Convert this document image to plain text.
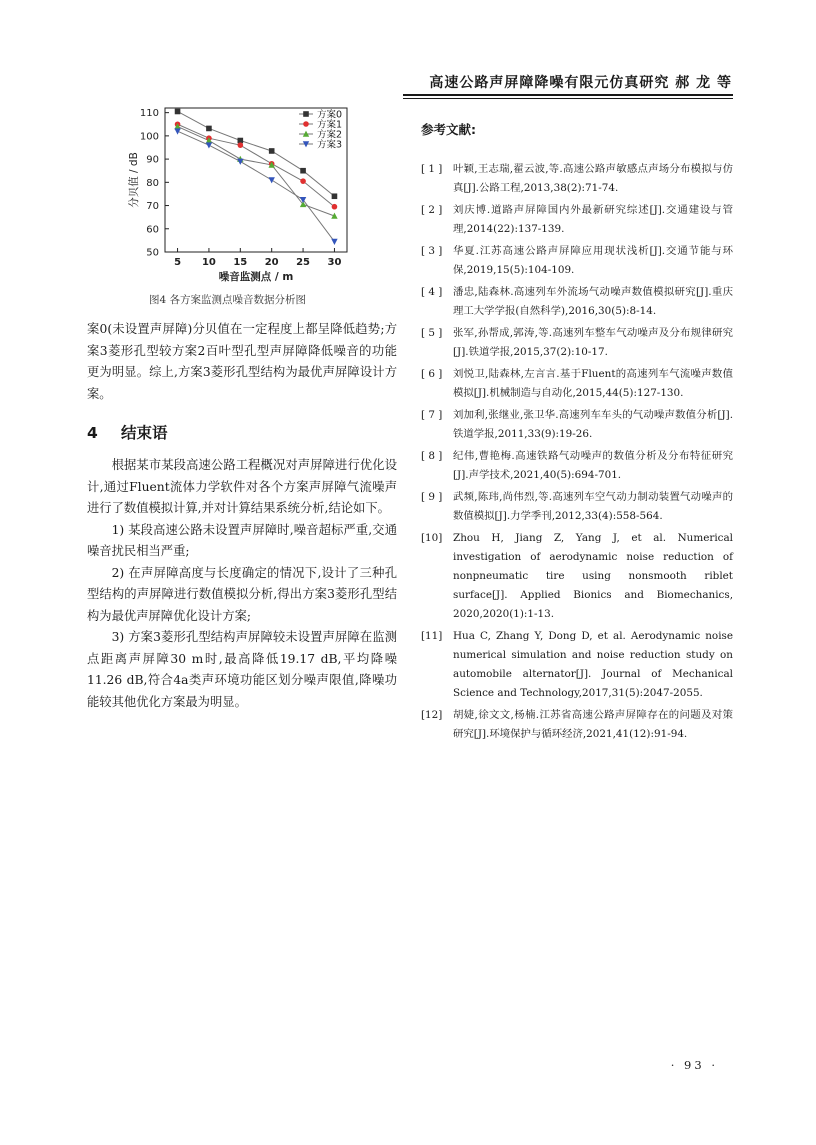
高速公路声屏障降噪有限元仿真研究 郝 龙 等
50
60
70
80
90
100
110
5 10 15 20 25 30
噪音监测点 / m
分贝值 / dB
方案0
方案1
方案2
方案3
图4 各方案监测点噪音数据分析图

案0(未设置声屏障)分贝值在一定程度上都呈降低趋势;方案3菱形孔型较方案2百叶型孔型声屏障降低噪音的功能更为明显。综上,方案3菱形孔型结构为最优声屏障设计方案。

4 结束语

根据某市某段高速公路工程概况对声屏障进行优化设计,通过Fluent流体力学软件对各个方案声屏障气流噪声进行了数值模拟计算,并对计算结果系统分析,结论如下。

1) 某段高速公路未设置声屏障时,噪音超标严重,交通噪音扰民相当严重;

2) 在声屏障高度与长度确定的情况下,设计了三种孔型结构的声屏障进行数值模拟分析,得出方案3菱形孔型结构为最优声屏障优化设计方案;

3) 方案3菱形孔型结构声屏障较未设置声屏障在监测点距离声屏障30 m时,最高降低19.17 dB,平均降噪11.26 dB,符合4a类声环境功能区划分噪声限值,降噪功能较其他优化方案最为明显。

参考文献:
[ 1 ]	叶颖,王志瑞,翟云波,等.高速公路声敏感点声场分布模拟与仿真[J].公路工程,2013,38(2):71-74.
[ 2 ]	刘庆博.道路声屏障国内外最新研究综述[J].交通建设与管理,2014(22):137-139.
[ 3 ]	华夏.江苏高速公路声屏障应用现状浅析[J].交通节能与环保,2019,15(5):104-109.
[ 4 ]	潘忠,陆森林.高速列车外流场气动噪声数值模拟研究[J].重庆理工大学学报(自然科学),2016,30(5):8-14.
[ 5 ]	张军,孙帮成,郭涛,等.高速列车整车气动噪声及分布规律研究[J].铁道学报,2015,37(2):10-17.
[ 6 ]	刘悦卫,陆森林,左言言.基于Fluent的高速列车气流噪声数值模拟[J].机械制造与自动化,2015,44(5):127-130.
[ 7 ]	刘加利,张继业,张卫华.高速列车车头的气动噪声数值分析[J].铁道学报,2011,33(9):19-26.
[ 8 ]	纪伟,曹艳梅.高速铁路气动噪声的数值分析及分布特征研究[J].声学技术,2021,40(5):694-701.
[ 9 ]	武频,陈玮,尚伟烈,等.高速列车空气动力制动装置气动噪声的数值模拟[J].力学季刊,2012,33(4):558-564.
[10]	Zhou H, Jiang Z, Yang J, et al. Numerical investigation of aerodynamic noise reduction of nonpneumatic tire using nonsmooth riblet surface[J]. Applied Bionics and Biomechanics, 2020,2020(1):1-13.
[11]	Hua C, Zhang Y, Dong D, et al. Aerodynamic noise numerical simulation and noise reduction study on automobile alternator[J]. Journal of Mechanical Science and Technology,2017,31(5):2047-2055.
[12]	胡婕,徐文文,杨楠.江苏省高速公路声屏障存在的问题及对策研究[J].环境保护与循环经济,2021,41(12):91-94.
· 93 ·
